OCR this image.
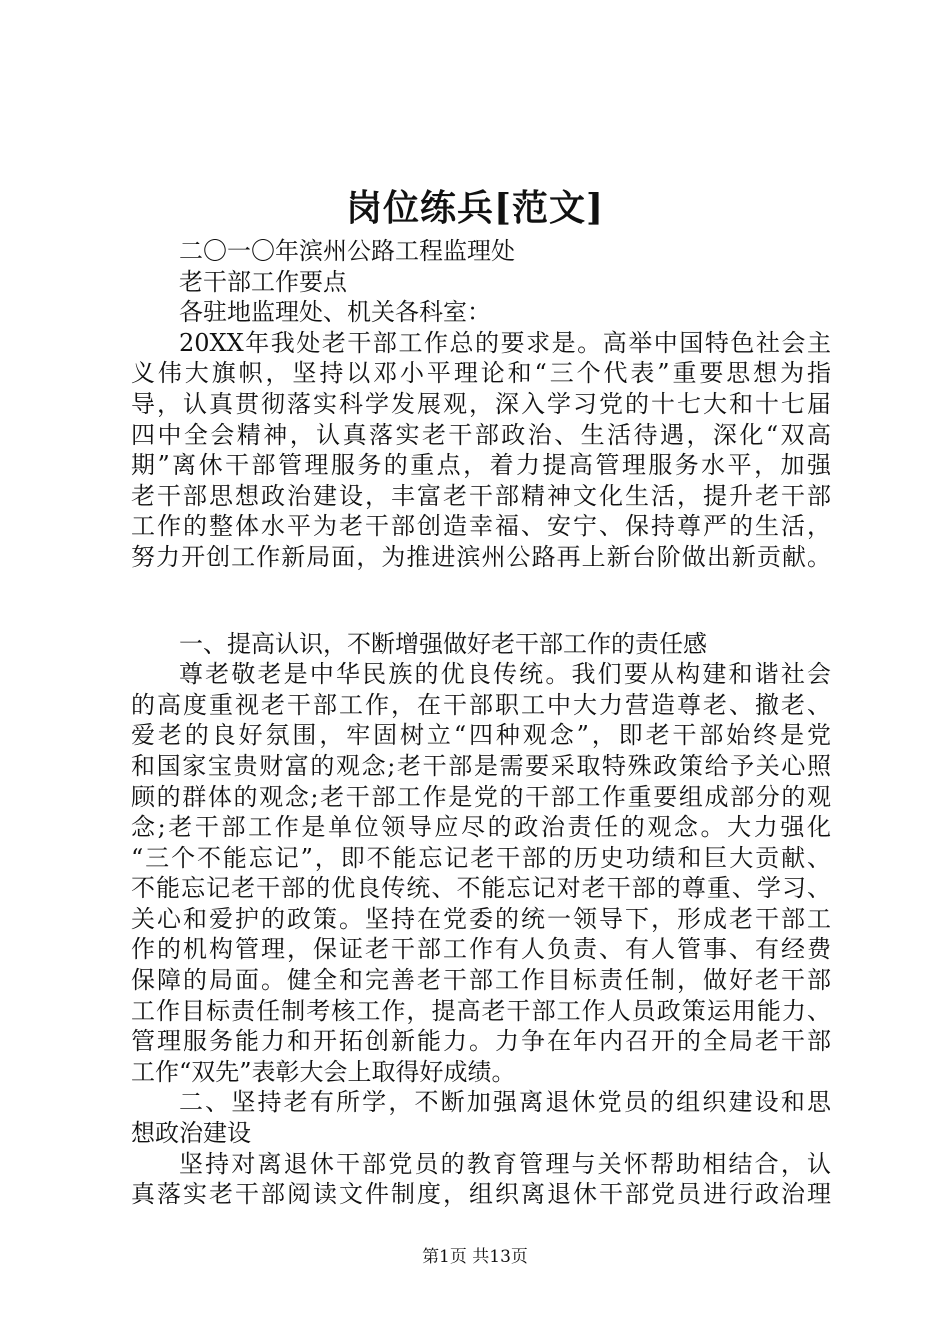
岗位练兵[范文]
二〇一〇年滨州公路工程监理处
老干部工作要点
各驻地监理处、机关各科室：
20XX年我处老干部工作总的要求是。高举中国特色社会主
义伟大旗帜，坚持以邓小平理论和“三个代表”重要思想为指
导，认真贯彻落实科学发展观，深入学习党的十七大和十七届
四中全会精神，认真落实老干部政治、生活待遇，深化“双高
期”离休干部管理服务的重点，着力提高管理服务水平，加强
老干部思想政治建设，丰富老干部精神文化生活，提升老干部
工作的整体水平为老干部创造幸福、安宁、保持尊严的生活，
努力开创工作新局面，为推进滨州公路再上新台阶做出新贡献。
一、提高认识，不断增强做好老干部工作的责任感
尊老敬老是中华民族的优良传统。我们要从构建和谐社会
的高度重视老干部工作，在干部职工中大力营造尊老、撤老、
爱老的良好氛围，牢固树立“四种观念”，即老干部始终是党
和国家宝贵财富的观念;老干部是需要采取特殊政策给予关心照
顾的群体的观念;老干部工作是党的干部工作重要组成部分的观
念;老干部工作是单位领导应尽的政治责任的观念。大力强化
“三个不能忘记”，即不能忘记老干部的历史功绩和巨大贡献、
不能忘记老干部的优良传统、不能忘记对老干部的尊重、学习、
关心和爱护的政策。坚持在党委的统一领导下，形成老干部工
作的机构管理，保证老干部工作有人负责、有人管事、有经费
保障的局面。健全和完善老干部工作目标责任制，做好老干部
工作目标责任制考核工作，提高老干部工作人员政策运用能力、
管理服务能力和开拓创新能力。力争在年内召开的全局老干部
工作“双先”表彰大会上取得好成绩。
二、坚持老有所学，不断加强离退休党员的组织建设和思
想政治建设
坚持对离退休干部党员的教育管理与关怀帮助相结合，认
真落实老干部阅读文件制度，组织离退休干部党员进行政治理
第1页 共13页
